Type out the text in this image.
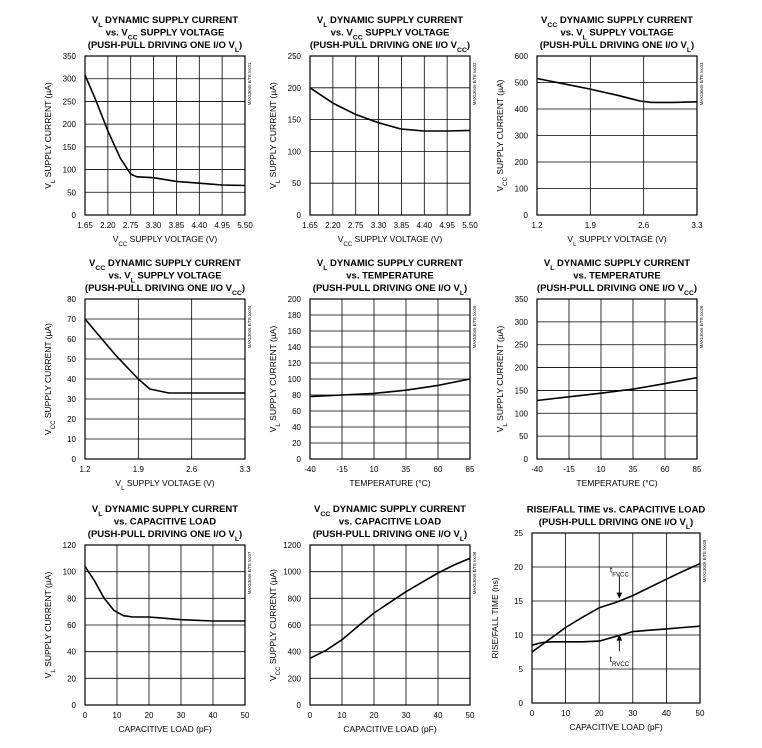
$V_L$ DYNAMIC SUPPLY CURRENT
vs. $V_{CC}$ SUPPLY VOLTAGE
(PUSH-PULL DRIVING ONE I/O $V_L$)
1.65 2.20 2.75 3.30 3.85 4.40 4.95 5.50
0
50
100
150
200
250
300
350
$V_{CC}$ SUPPLY VOLTAGE (V)
$V_L$ SUPPLY CURRENT (µA)	MAX13046 E/TE toc01
$V_L$ DYNAMIC SUPPLY CURRENT
vs. $V_{CC}$ SUPPLY VOLTAGE
(PUSH-PULL DRIVING ONE I/O $V_{CC}$)
1.65 2.20 2.75 3.30 3.85 4.40 4.95 5.50
0
50
100
150
200
250
$V_{CC}$ SUPPLY VOLTAGE (V)
$V_L$ SUPPLY CURRENT (µA)	MAX13046 E/TE toc02
$V_{CC}$ DYNAMIC SUPPLY CURRENT
vs. $V_L$ SUPPLY VOLTAGE
(PUSH-PULL DRIVING ONE I/O $V_L$)
1.2	1.9	2.6	3.3
0
100
200
300
400
500
600
$V_L$ SUPPLY VOLTAGE (V)
$V_{CC}$ SUPPLY CURRENT (µA)	MAX13046 E/TE toc03
$V_{CC}$ DYNAMIC SUPPLY CURRENT
vs. $V_L$ SUPPLY VOLTAGE
(PUSH-PULL DRIVING ONE I/O $V_{CC}$)
1.2	1.9	2.6	3.3
0
10
20
30
40
50
60
70
80
$V_L$ SUPPLY VOLTAGE (V)
$V_{CC}$ SUPPLY CURRENT (µA)	MAX13046 E/TE toc04
$V_L$ DYNAMIC SUPPLY CURRENT
vs. TEMPERATURE
(PUSH-PULL DRIVING ONE I/O $V_L$)
-40	-15	10	35	60	85
0
20
40
60
80
100
120
140
160
180
200
TEMPERATURE (°C)
$V_L$ SUPPLY CURRENT (µA)	MAX13046 E/TE toc05
$V_L$ DYNAMIC SUPPLY CURRENT
vs. TEMPERATURE
(PUSH-PULL DRIVING ONE I/O $V_{CC}$)
-40	-15	10	35	60	85
0
50
100
150
200
250
300
350
TEMPERATURE (°C)
$V_L$ SUPPLY CURRENT (µA)	MAX13046 E/TE toc06
$V_L$ DYNAMIC SUPPLY CURRENT
vs. CAPACITIVE LOAD
(PUSH-PULL DRIVING ONE I/O $V_L$)
0	10	20	30	40	50
0
20
40
60
80
100
120
CAPACITIVE LOAD (pF)
$V_L$ SUPPLY CURRENT (µA)	MAX13046 E/TE toc07
$V_{CC}$ DYNAMIC SUPPLY CURRENT
vs. CAPACITIVE LOAD
(PUSH-PULL DRIVING ONE I/O $V_L$)
0	10	20	30	40	50
0
200
400
600
800
1000
1200
CAPACITIVE LOAD (pF)
$V_{CC}$ SUPPLY CURRENT (µA)	MAX13046 E/TE toc08
RISE/FALL TIME vs. CAPACITIVE LOAD
(PUSH-PULL DRIVING ONE I/O $V_L$)
0	10	20	30	40	50
0
5
10
15
20
25
CAPACITIVE LOAD (pF)
RISE/FALL TIME (ns)
MAX13046 E/TE toc09
$t_{FVCC}$
$t_{RVCC}$
